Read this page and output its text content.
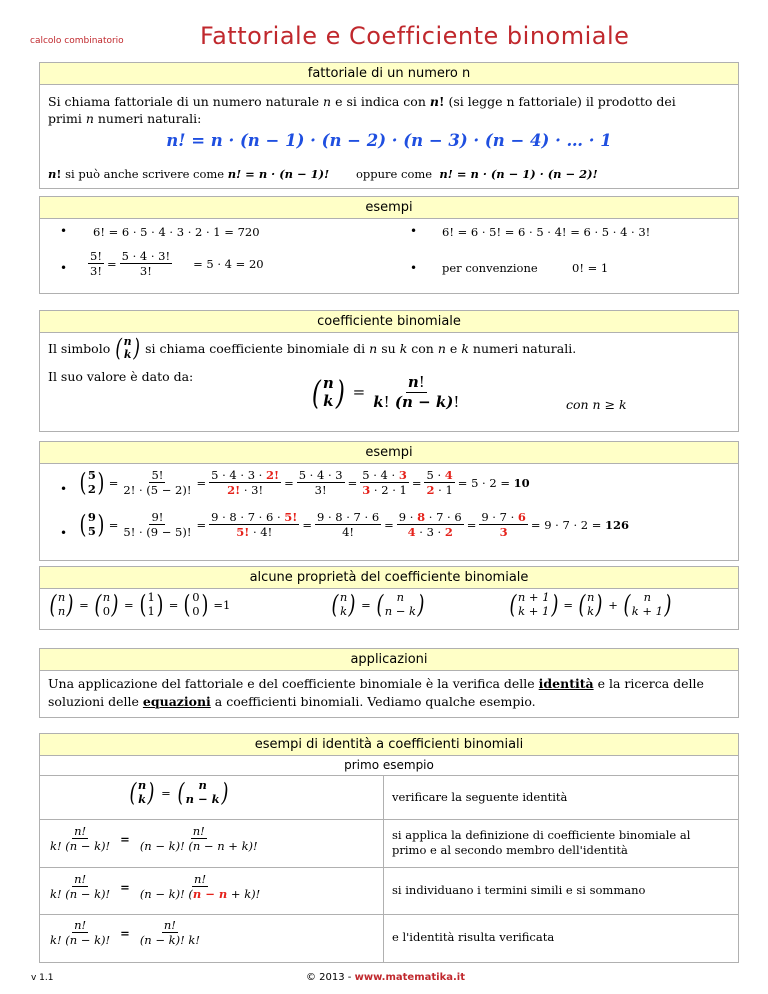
calcolo combinatorio	Fattoriale e Coefficiente binomiale
fattoriale di un numero n
Si chiama fattoriale di un numero naturale n e si indica con n! (si legge n fattoriale) il prodotto dei
primi n numeri naturali:
n! = n · (n − 1) · (n − 2) · (n − 3) · (n − 4) · … · 1
n! si può anche scrivere come n! = n · (n − 1)! oppure come n! = n · (n − 1) · (n − 2)!
esempi
• 6! = 6 · 5 · 4 · 3 · 2 · 1 = 720	• 6! = 6 · 5! = 6 · 5 · 4! = 6 · 5 · 4 · 3!
• $\frac{5!}{3!} = \frac{5 \cdot 4 \cdot 3!}{3!} = 5 \cdot 4 = 20$	• per convenzione	0! = 1
coefficiente binomiale
Il simbolo ( n
k ) si chiama coefficiente binomiale di n su k con n e k numeri naturali.
Il suo valore è dato da:	( n
k ) = $\frac{n!}{k! (n - k)!}$	con n ≥ k
esempi
• ( 5
2 ) = $\frac{5!}{2! \cdot (5 - 2)!} = \frac{5 \cdot 4 \cdot 3 \cdot 2!}{2! \cdot 3!} = \frac{5 \cdot 4 \cdot 3}{3!} = \frac{5 \cdot 4 \cdot 3}{3 \cdot 2 \cdot 1} = \frac{5 \cdot 4}{2 \cdot 1} = 5 \cdot 2 = 10$
• ( 9
5 ) = $\frac{9!}{5! \cdot (9 - 5)!} = \frac{9 \cdot 8 \cdot 7 \cdot 6 \cdot 5!}{5! \cdot 4!} = \frac{9 \cdot 8 \cdot 7 \cdot 6}{4!} = \frac{9 \cdot 8 \cdot 7 \cdot 6}{4 \cdot 3 \cdot 2} = \frac{9 \cdot 7 \cdot 6}{3} = 9 \cdot 7 \cdot 2 = 126$
alcune proprietà del coefficiente binomiale
( n
n ) = ( n
0 ) = ( 1
1 ) = ( 0
0 ) =1	( n
k ) = ( n
n − k )	( n + 1
k + 1 ) = ( n
k ) + ( n
k + 1 )
applicazioni
Una applicazione del fattoriale e del coefficiente binomiale è la verifica delle identità e la ricerca delle
soluzioni delle equazioni a coefficienti binomiali. Vediamo qualche esempio.
esempi di identità a coefficienti binomiali
primo esempio
( n
k ) = ( n
n − k )	verificare la seguente identità
$\frac{n!}{k! (n - k)!} = \frac{n!}{(n - k)! (n - n + k)!}$	si applica la definizione di coefficiente binomiale al primo e al secondo membro dell'identità
$\frac{n!}{k! (n - k)!} = \frac{n!}{(n - k)! (n - n + k)!}$	si individuano i termini simili e si sommano
$\frac{n!}{k! (n - k)!} = \frac{n!}{(n - k)! k!}$	e l'identità risulta verificata
v 1.1	© 2013 - www.matematika.it
